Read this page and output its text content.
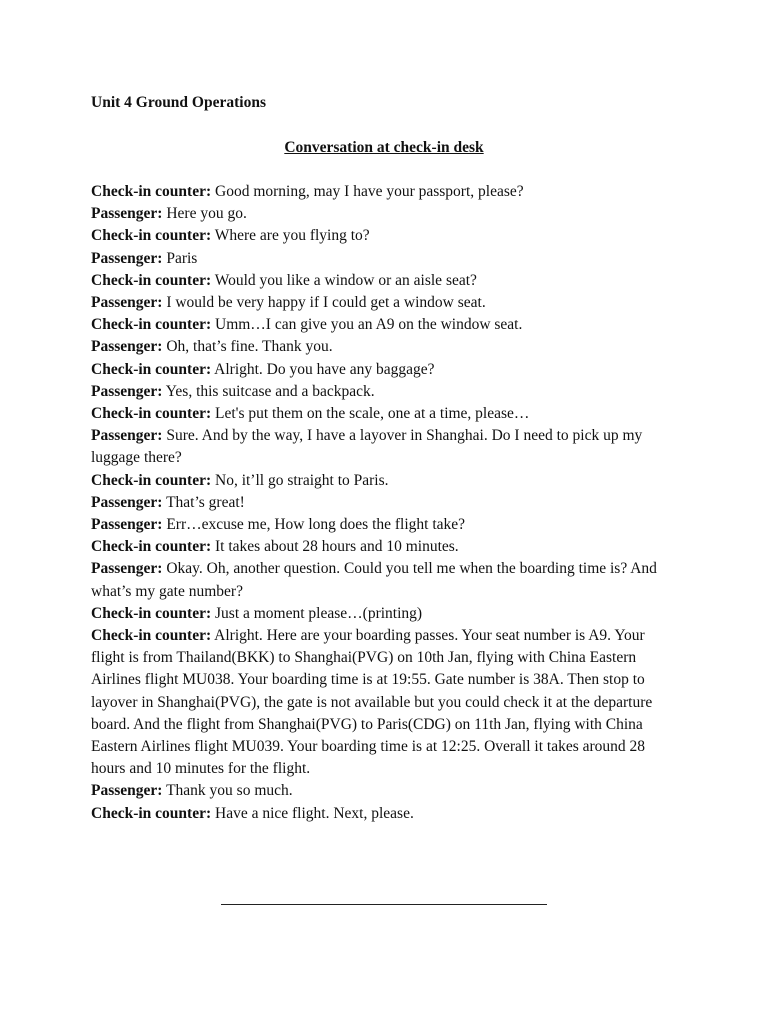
Unit 4 Ground Operations
Conversation at check-in desk

Check-in counter: Good morning, may I have your passport, please?

Passenger: Here you go.

Check-in counter: Where are you flying to?

Passenger: Paris

Check-in counter: Would you like a window or an aisle seat?

Passenger: I would be very happy if I could get a window seat.

Check-in counter: Umm…I can give you an A9 on the window seat.

Passenger: Oh, that’s fine. Thank you.

Check-in counter: Alright. Do you have any baggage?

Passenger: Yes, this suitcase and a backpack.

Check-in counter: Let's put them on the scale, one at a time, please…

Passenger: Sure. And by the way, I have a layover in Shanghai. Do I need to pick up my luggage there?

Check-in counter: No, it’ll go straight to Paris.

Passenger: That’s great!

Passenger: Err…excuse me, How long does the flight take?

Check-in counter: It takes about 28 hours and 10 minutes.

Passenger: Okay. Oh, another question. Could you tell me when the boarding time is? And what’s my gate number?

Check-in counter: Just a moment please…(printing)

Check-in counter: Alright. Here are your boarding passes. Your seat number is A9. Your flight is from Thailand(BKK) to Shanghai(PVG) on 10th Jan, flying with China Eastern Airlines flight MU038. Your boarding time is at 19:55. Gate number is 38A. Then stop to layover in Shanghai(PVG), the gate is not available but you could check it at the departure board. And the flight from Shanghai(PVG) to Paris(CDG) on 11th Jan, flying with China Eastern Airlines flight MU039. Your boarding time is at 12:25. Overall it takes around 28 hours and 10 minutes for the flight.

Passenger: Thank you so much.

Check-in counter: Have a nice flight. Next, please.
